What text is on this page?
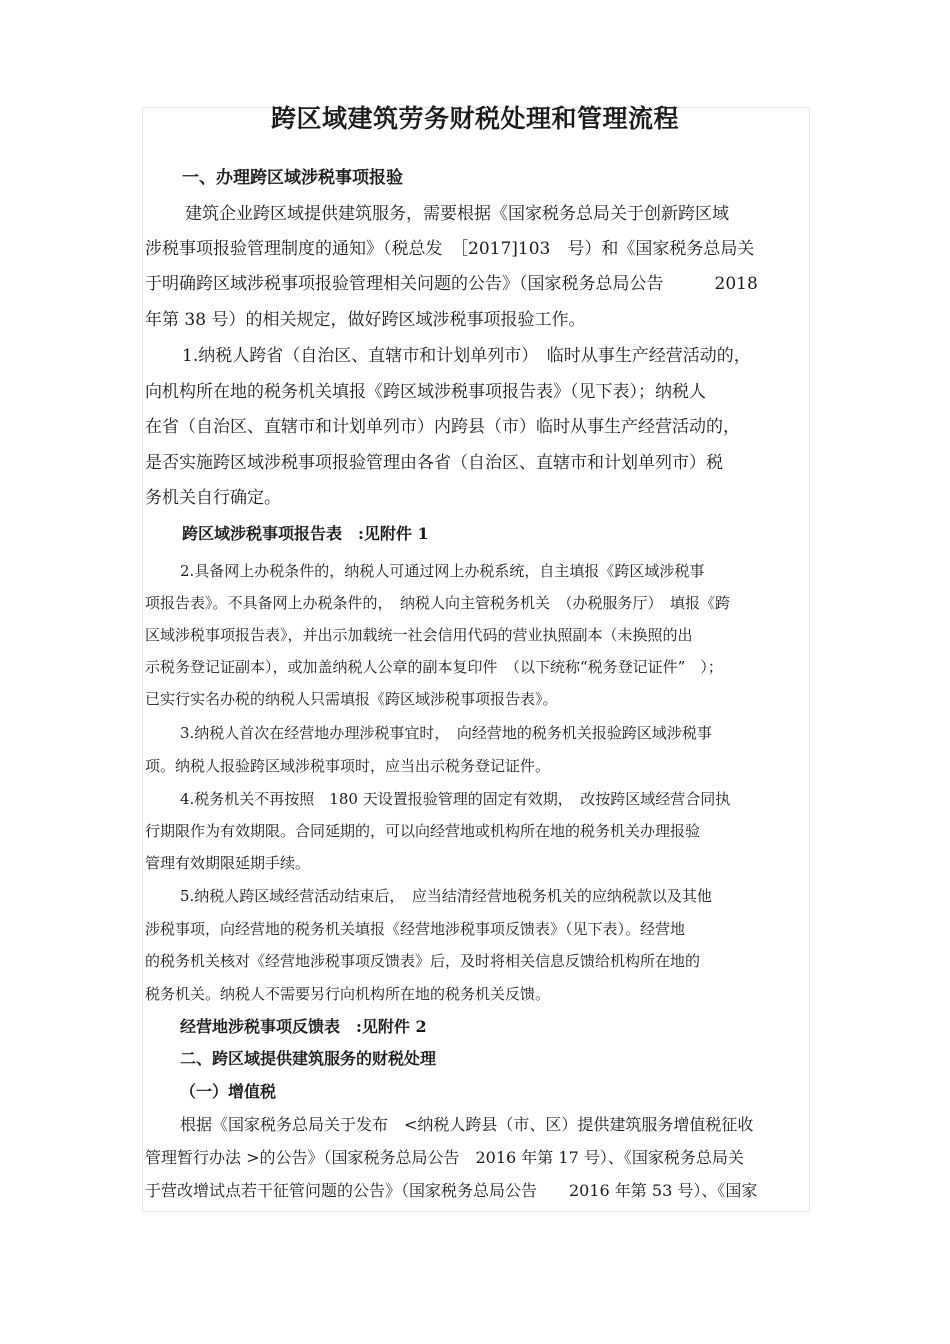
跨区域建筑劳务财税处理和管理流程
一、办理跨区域涉税事项报验
建筑企业跨区域提供建筑服务，需要根据《国家税务总局关于创新跨区域
涉税事项报验管理制度的通知》（税总发　［2017]103　号）和《国家税务总局关
于明确跨区域涉税事项报验管理相关问题的公告》（国家税务总局公告　　　2018
年第 38 号）的相关规定，做好跨区域涉税事项报验工作。
1.纳税人跨省（自治区、直辖市和计划单列市）　临时从事生产经营活动的，
向机构所在地的税务机关填报《跨区域涉税事项报告表》（见下表）；纳税人
在省（自治区、直辖市和计划单列市）内跨县（市）临时从事生产经营活动的，
是否实施跨区域涉税事项报验管理由各省（自治区、直辖市和计划单列市）税
务机关自行确定。
跨区域涉税事项报告表　:见附件 1
2.具备网上办税条件的，纳税人可通过网上办税系统，自主填报《跨区域涉税事
项报告表》。不具备网上办税条件的，　纳税人向主管税务机关　（办税服务厅）　填报《跨
区域涉税事项报告表》，并出示加载统一社会信用代码的营业执照副本（未换照的出
示税务登记证副本），或加盖纳税人公章的副本复印件　（以下统称“税务登记证件”　）；
已实行实名办税的纳税人只需填报《跨区域涉税事项报告表》。
3.纳税人首次在经营地办理涉税事宜时，　向经营地的税务机关报验跨区域涉税事
项。纳税人报验跨区域涉税事项时，应当出示税务登记证件。
4.税务机关不再按照　180 天设置报验管理的固定有效期，　改按跨区域经营合同执
行期限作为有效期限。合同延期的，可以向经营地或机构所在地的税务机关办理报验
管理有效期限延期手续。
5.纳税人跨区域经营活动结束后，　应当结清经营地税务机关的应纳税款以及其他
涉税事项，向经营地的税务机关填报《经营地涉税事项反馈表》（见下表）。经营地
的税务机关核对《经营地涉税事项反馈表》后，及时将相关信息反馈给机构所在地的
税务机关。纳税人不需要另行向机构所在地的税务机关反馈。
经营地涉税事项反馈表　:见附件 2
二、跨区域提供建筑服务的财税处理
（一）增值税
根据《国家税务总局关于发布　<纳税人跨县（市、区）提供建筑服务增值税征收
管理暂行办法 >的公告》（国家税务总局公告　2016 年第 17 号）、《国家税务总局关
于营改增试点若干征管问题的公告》（国家税务总局公告　　2016 年第 53 号）、《国家
